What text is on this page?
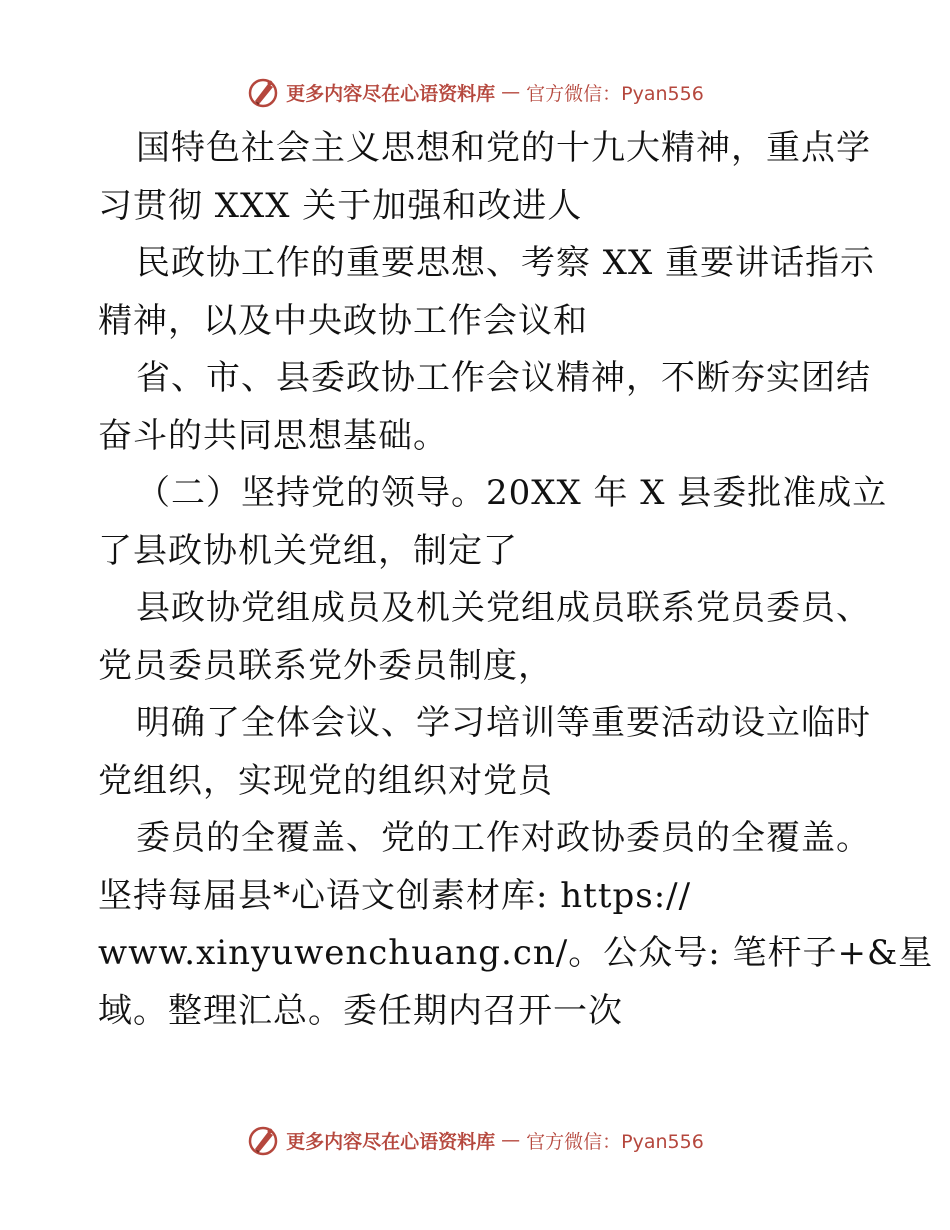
更多内容尽在心语资料库 — 官方微信：Pyan556
国特色社会主义思想和党的十九大精神，重点学
习贯彻 XXX 关于加强和改进人
民政协工作的重要思想、考察 XX 重要讲话指示
精神，以及中央政协工作会议和
省、市、县委政协工作会议精神，不断夯实团结
奋斗的共同思想基础。
（二）坚持党的领导。20XX 年 X 县委批准成立
了县政协机关党组，制定了
县政协党组成员及机关党组成员联系党员委员、
党员委员联系党外委员制度，
明确了全体会议、学习培训等重要活动设立临时
党组织，实现党的组织对党员
委员的全覆盖、党的工作对政协委员的全覆盖。
坚持每届县*心语文创素材库: https://
www.xinyuwenchuang.cn/。公众号: 笔杆子+&星
域。整理汇总。委任期内召开一次
更多内容尽在心语资料库 — 官方微信：Pyan556
